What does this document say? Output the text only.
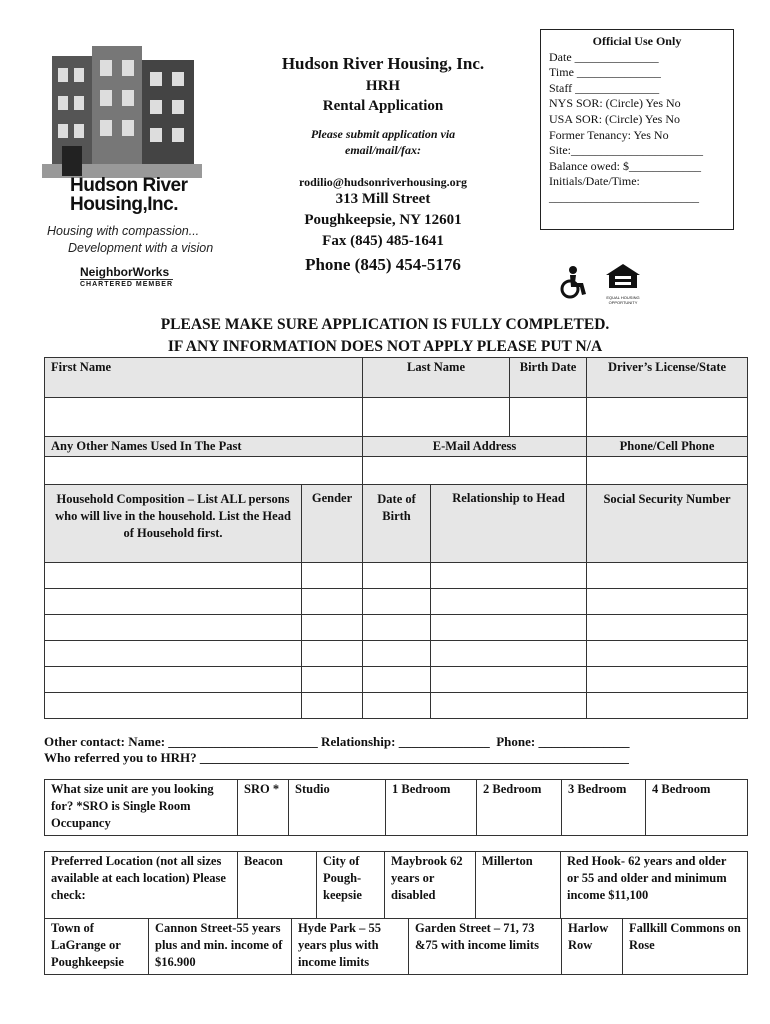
Hudson River
Housing,Inc.
Housing with compassion...
Development with a vision
NeighborWorks
CHARTERED MEMBER
Hudson River Housing, Inc.
HRH
Rental Application
Please submit application via
email/mail/fax:
rodilio@hudsonriverhousing.org
313 Mill Street
Poughkeepsie, NY 12601
Fax (845) 485-1641
Phone (845) 454-5176
Official Use Only
Date ______________
Time ______________
Staff ______________
NYS SOR: (Circle) Yes No
USA SOR: (Circle) Yes No
Former Tenancy: Yes No
Site:______________________
Balance owed: $____________
Initials/Date/Time:
_________________________
EQUAL HOUSING OPPORTUNITY
PLEASE MAKE SURE APPLICATION IS FULLY COMPLETED.
IF ANY INFORMATION DOES NOT APPLY PLEASE PUT N/A
First Name		Last Name		Birth Date	Driver’s License/State

Any Other Names Used In The Past		E-Mail Address			Phone/Cell Phone

Household Composition – List ALL persons who will live in the household. List the Head of Household first.	Gender	Date of Birth	Relationship to Head		Social Security Number

Other contact: Name: _______________________ Relationship: ______________  Phone: ______________
Who referred you to HRH? __________________________________________________________________
What size unit are you looking for? *SRO is Single Room Occupancy	SRO *	Studio	1 Bedroom	2 Bedroom	3 Bedroom	4 Bedroom
Preferred Location (not all sizes available at each location) Please check:	Beacon	City of Pough-keepsie	Maybrook 62 years or disabled	Millerton	Red Hook- 62 years and older or 55 and older and minimum income $11,100
Town of LaGrange or Poughkeepsie	Cannon Street-55 years plus and min. income of $16.900	Hyde Park – 55 years plus with income limits	Garden Street – 71, 73 &75 with income limits	Harlow Row	Fallkill Commons on Rose
